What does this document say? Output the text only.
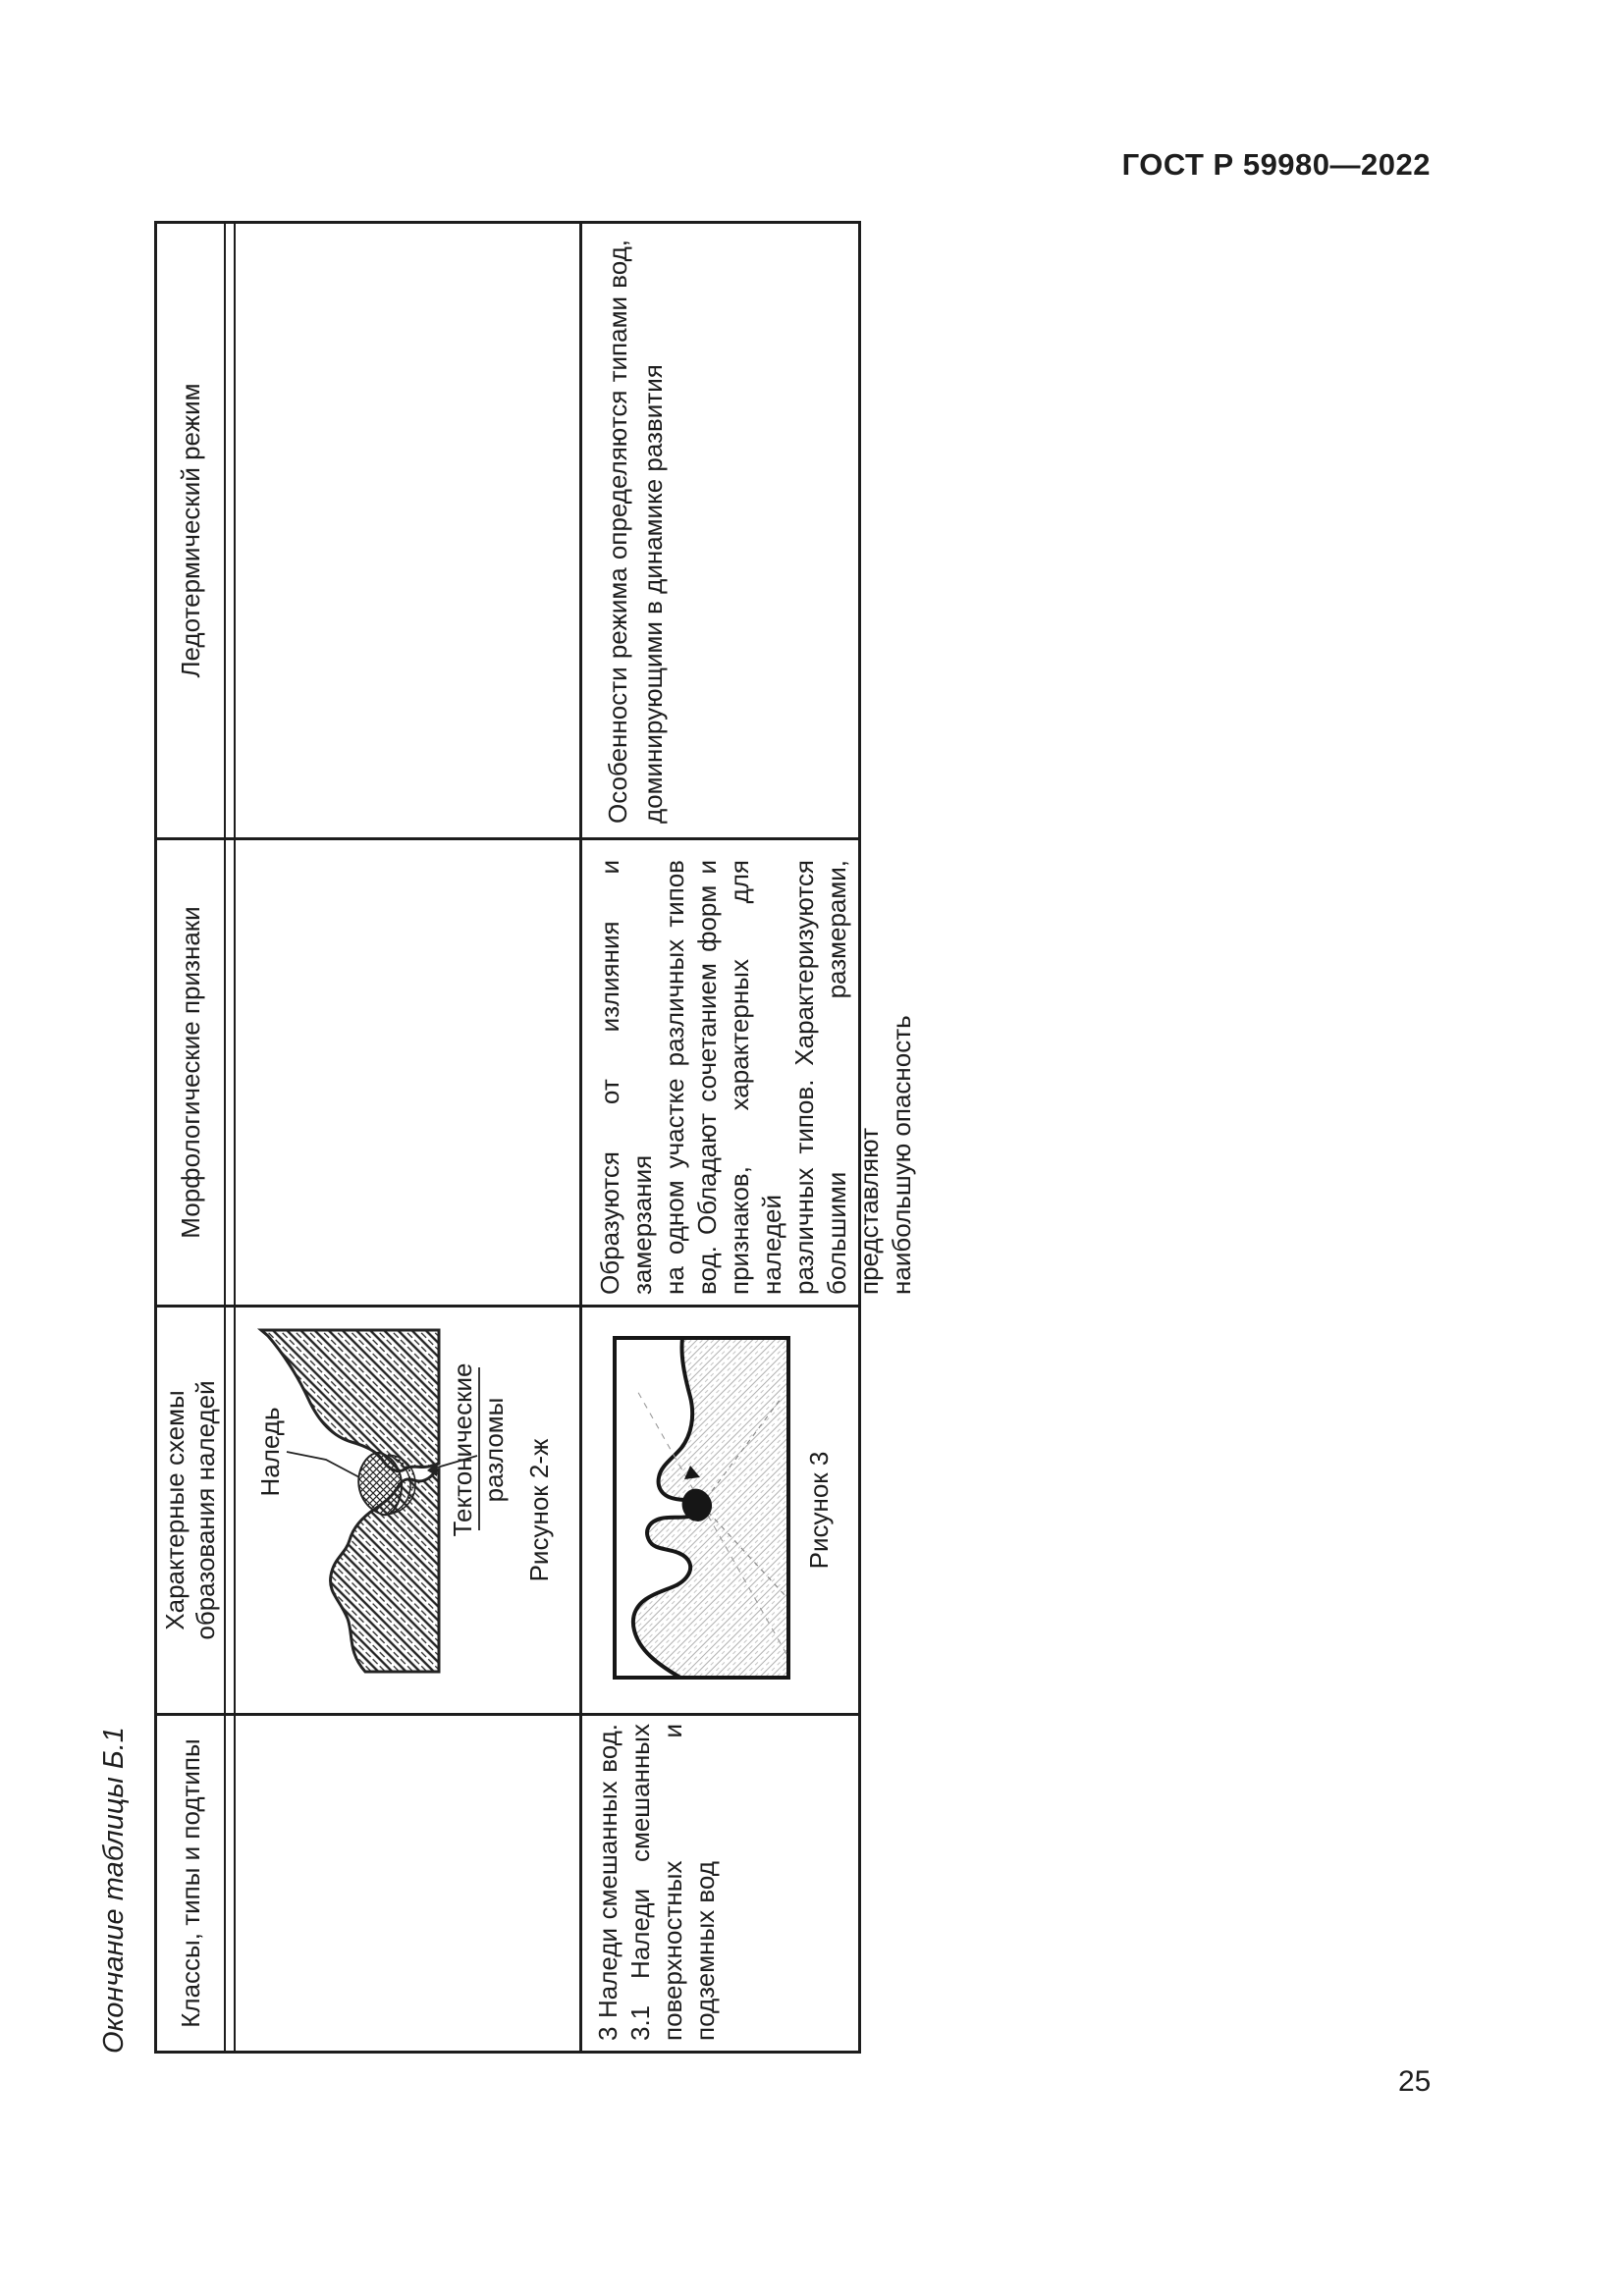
ГОСТ Р 59980—2022
Окончание таблицы Б.1	Классы, типы и подтипы
Характерные схемы образования наледей
Морфологические признаки
Ледотермический режим
Наледь	Тектонические разломы Рисунок 2-ж
3 Наледи смешанных вод. 3.1 Наледи смешанных поверхностных и подземных вод
Рисунок 3
Образуются от излияния и замерзания на одном участке различных типов вод. Обладают сочетанием форм и признаков, характерных для наледей различных типов. Характеризуются большими размерами, представляют наибольшую опасность
Особенности режима определяются типами вод, доминирующими в динамике развития
25
